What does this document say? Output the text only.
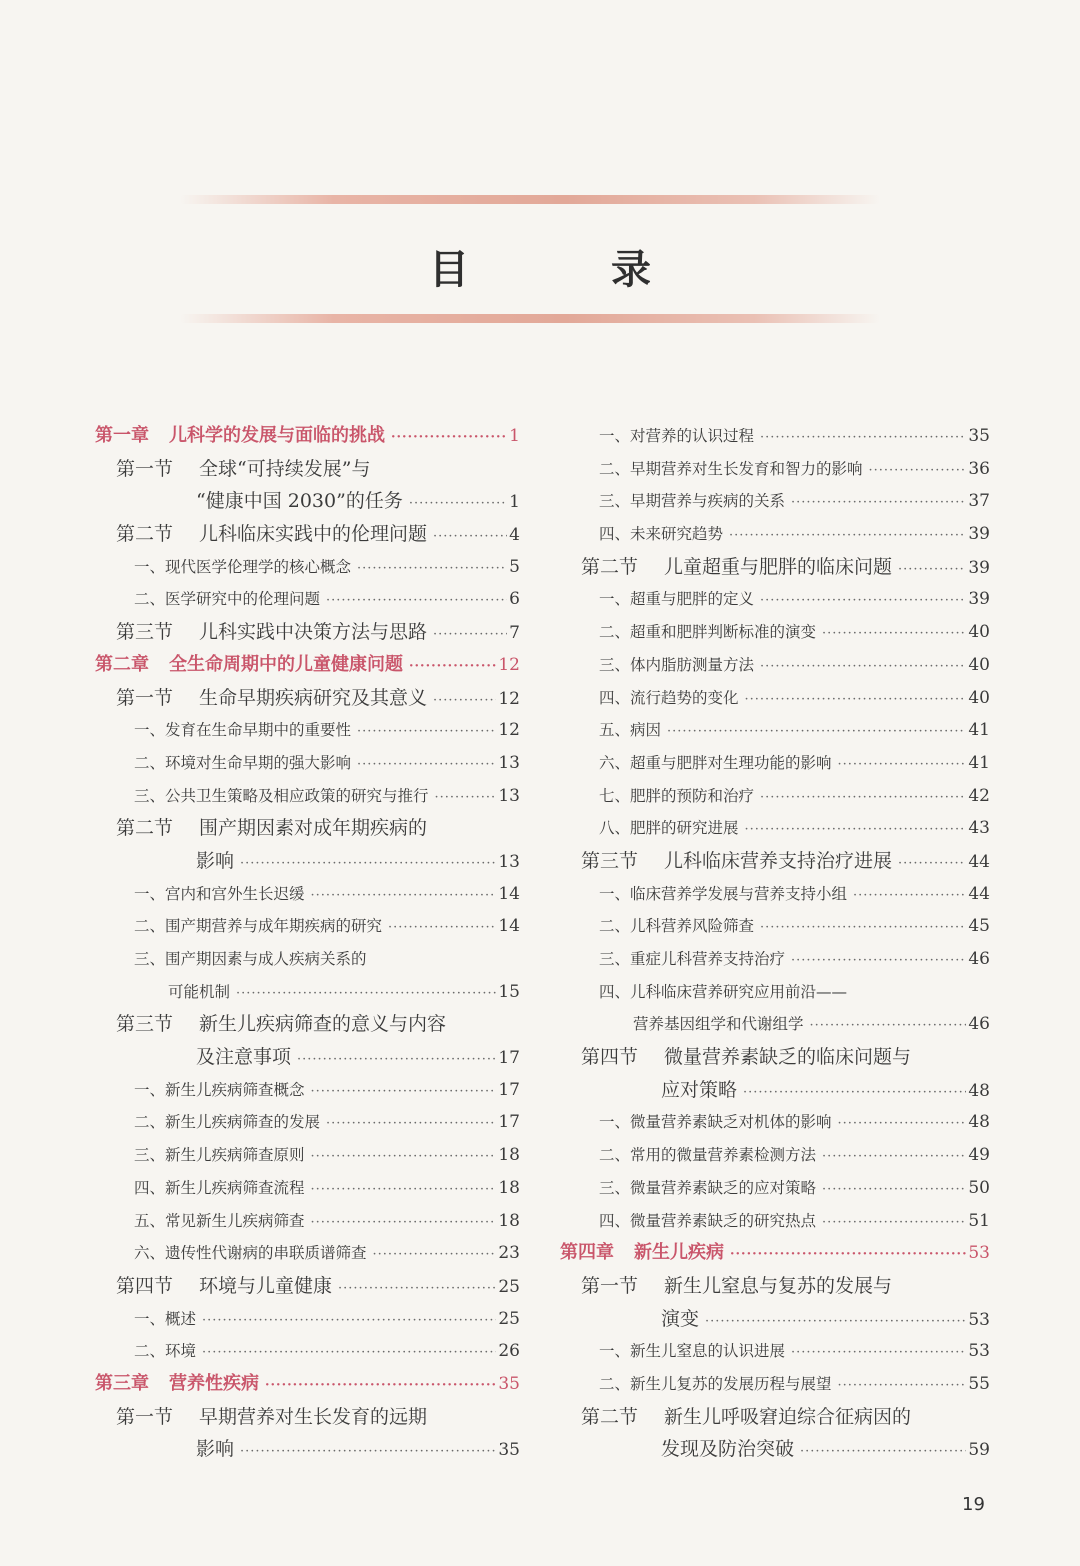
目 录
第一章 儿科学的发展与面临的挑战 ·····	1
第一节 全球“可持续发展”与
“健康中国 2030”的任务 ·····	1
第二节 儿科临床实践中的伦理问题 ·····	4
一、现代医学伦理学的核心概念 ·····	5
二、医学研究中的伦理问题 ·····	6
第三节 儿科实践中决策方法与思路 ·····	7
第二章 全生命周期中的儿童健康问题 ·····	12
第一节 生命早期疾病研究及其意义 ·····	12
一、发育在生命早期中的重要性 ·····	12
二、环境对生命早期的强大影响 ·····	13
三、公共卫生策略及相应政策的研究与推行 ·····	13
第二节 围产期因素对成年期疾病的
影响 ·····	13
一、宫内和宫外生长迟缓 ·····	14
二、围产期营养与成年期疾病的研究 ·····	14
三、围产期因素与成人疾病关系的
可能机制 ·····	15
第三节 新生儿疾病筛查的意义与内容
及注意事项 ·····	17
一、新生儿疾病筛查概念 ·····	17
二、新生儿疾病筛查的发展 ·····	17
三、新生儿疾病筛查原则 ·····	18
四、新生儿疾病筛查流程 ·····	18
五、常见新生儿疾病筛查 ·····	18
六、遗传性代谢病的串联质谱筛查 ·····	23
第四节 环境与儿童健康 ·····	25
一、概述 ·····	25
二、环境 ·····	26
第三章 营养性疾病 ·····	35
第一节 早期营养对生长发育的远期
影响 ·····	35
一、对营养的认识过程 ·····	35
二、早期营养对生长发育和智力的影响 ·····	36
三、早期营养与疾病的关系 ·····	37
四、未来研究趋势 ·····	39
第二节 儿童超重与肥胖的临床问题 ·····	39
一、超重与肥胖的定义 ·····	39
二、超重和肥胖判断标准的演变 ·····	40
三、体内脂肪测量方法 ·····	40
四、流行趋势的变化 ·····	40
五、病因 ·····	41
六、超重与肥胖对生理功能的影响 ·····	41
七、肥胖的预防和治疗 ·····	42
八、肥胖的研究进展 ·····	43
第三节 儿科临床营养支持治疗进展 ·····	44
一、临床营养学发展与营养支持小组 ·····	44
二、儿科营养风险筛查 ·····	45
三、重症儿科营养支持治疗 ·····	46
四、儿科临床营养研究应用前沿——
营养基因组学和代谢组学 ·····	46
第四节 微量营养素缺乏的临床问题与
应对策略 ·····	48
一、微量营养素缺乏对机体的影响 ·····	48
二、常用的微量营养素检测方法 ·····	49
三、微量营养素缺乏的应对策略 ·····	50
四、微量营养素缺乏的研究热点 ·····	51
第四章 新生儿疾病 ·····	53
第一节 新生儿窒息与复苏的发展与
演变 ·····	53
一、新生儿窒息的认识进展 ·····	53
二、新生儿复苏的发展历程与展望 ·····	55
第二节 新生儿呼吸窘迫综合征病因的
发现及防治突破 ·····	59
19
